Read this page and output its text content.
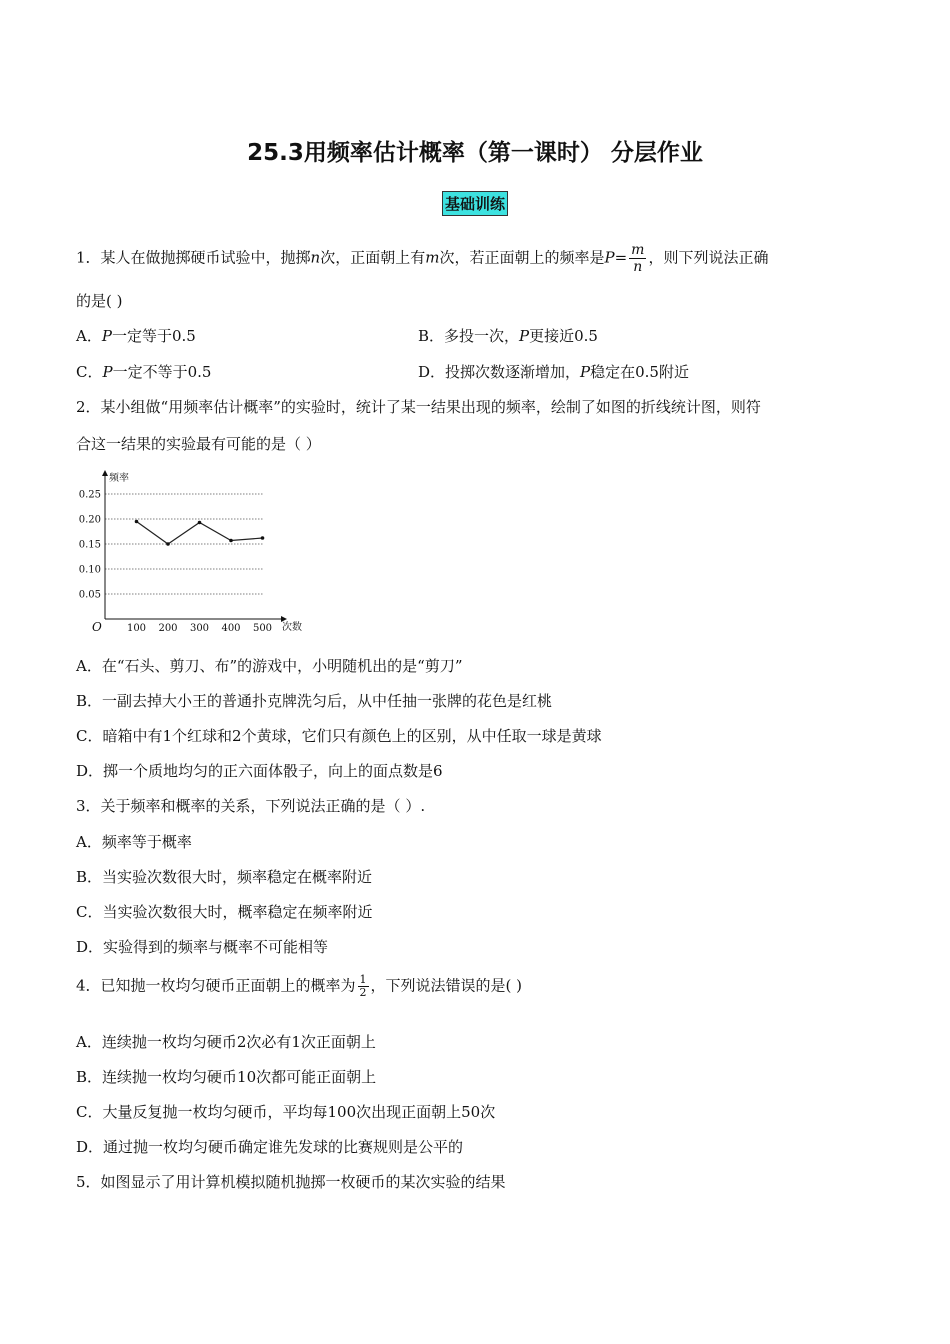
25.3用频率估计概率（第一课时） 分层作业
基础训练
1．某人在做抛掷硬币试验中，抛掷n次，正面朝上有m次，若正面朝上的频率是$P= \frac{m}{n}$ ，则下列说法正确
的是( )
A．P一定等于0.5	B．多投一次，P更接近0.5
C．P一定不等于0.5	D．投掷次数逐渐增加，P稳定在0.5附近
2．某小组做“用频率估计概率”的实验时，统计了某一结果出现的频率，绘制了如图的折线统计图，则符
合这一结果的实验最有可能的是（ ）
频率
次数
O
0.25
0.20
0.15
0.10
0.05
100 200 300 400 500
A．在“石头、剪刀、布”的游戏中，小明随机出的是“剪刀”
B．一副去掉大小王的普通扑克牌洗匀后，从中任抽一张牌的花色是红桃
C．暗箱中有1个红球和2个黄球，它们只有颜色上的区别，从中任取一球是黄球
D．掷一个质地均匀的正六面体骰子，向上的面点数是6
3．关于频率和概率的关系，下列说法正确的是（ ）.
A．频率等于概率
B．当实验次数很大时，频率稳定在概率附近
C．当实验次数很大时，概率稳定在频率附近
D．实验得到的频率与概率不可能相等
4．已知抛一枚均匀硬币正面朝上的概率为 $\frac{1}{2}$ ，下列说法错误的是( )
A．连续抛一枚均匀硬币2次必有1次正面朝上
B．连续抛一枚均匀硬币10次都可能正面朝上
C．大量反复抛一枚均匀硬币，平均每100次出现正面朝上50次
D．通过抛一枚均匀硬币确定谁先发球的比赛规则是公平的
5．如图显示了用计算机模拟随机抛掷一枚硬币的某次实验的结果
